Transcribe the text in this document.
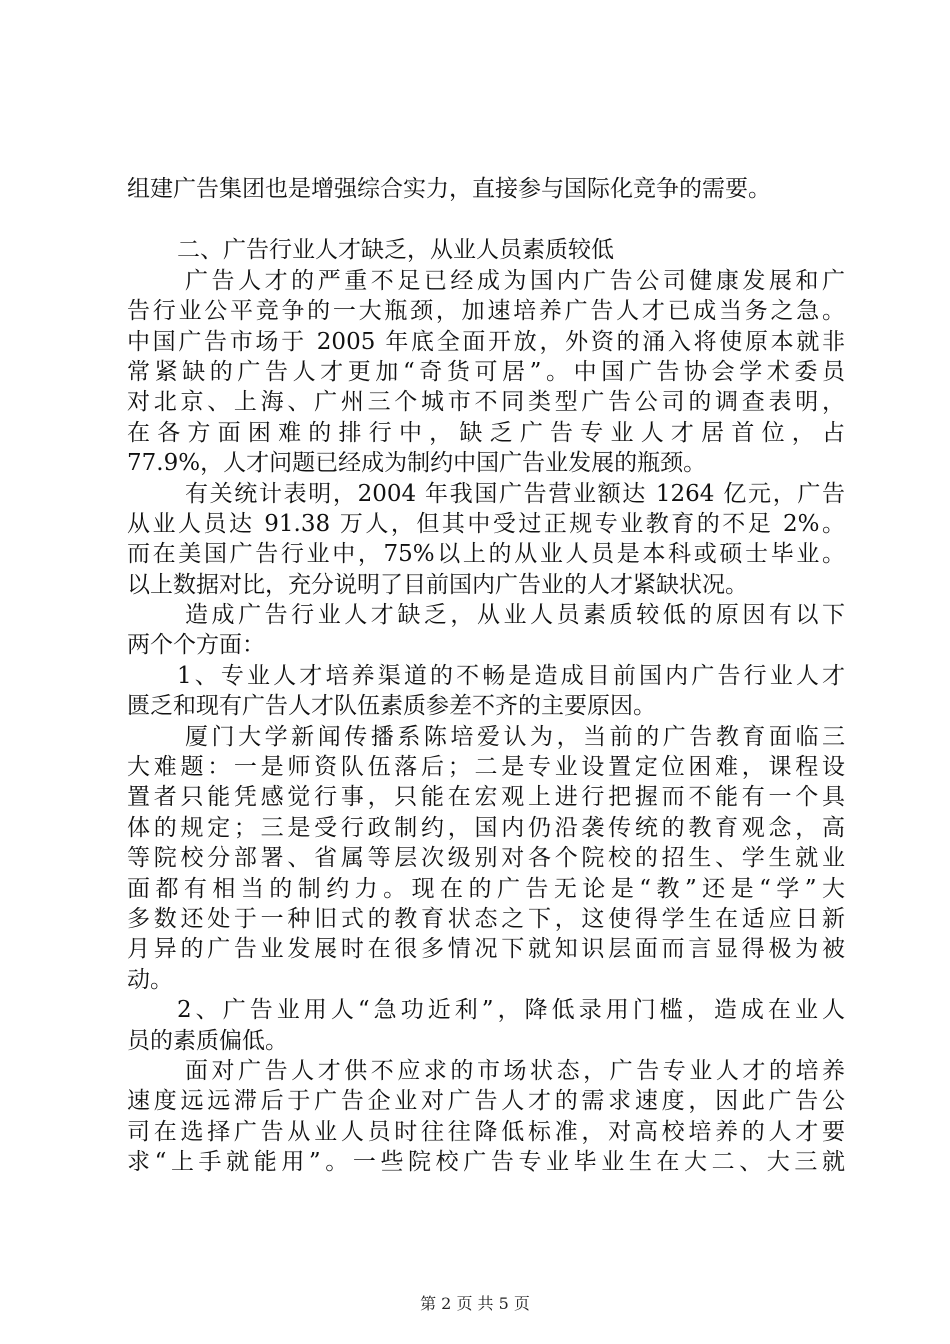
组建广告集团也是增强综合实力，直接参与国际化竞争的需要。
二、广告行业人才缺乏，从业人员素质较低
广告人才的严重不足已经成为国内广告公司健康发展和广
告行业公平竞争的一大瓶颈，加速培养广告人才已成当务之急。
中国广告市场于 2005 年底全面开放，外资的涌入将使原本就非
常紧缺的广告人才更加“奇货可居”。中国广告协会学术委员
对北京、上海、广州三个城市不同类型广告公司的调查表明，
在各方面困难的排行中，缺乏广告专业人才居首位，占
77.9%，人才问题已经成为制约中国广告业发展的瓶颈。
有关统计表明，2004 年我国广告营业额达 1264 亿元，广告
从业人员达 91.38 万人，但其中受过正规专业教育的不足 2%。
而在美国广告行业中，75%以上的从业人员是本科或硕士毕业。
以上数据对比，充分说明了目前国内广告业的人才紧缺状况。
造成广告行业人才缺乏，从业人员素质较低的原因有以下
两个个方面：
1、专业人才培养渠道的不畅是造成目前国内广告行业人才
匮乏和现有广告人才队伍素质参差不齐的主要原因。
厦门大学新闻传播系陈培爱认为，当前的广告教育面临三
大难题：一是师资队伍落后；二是专业设置定位困难，课程设
置者只能凭感觉行事，只能在宏观上进行把握而不能有一个具
体的规定；三是受行政制约，国内仍沿袭传统的教育观念，高
等院校分部署、省属等层次级别对各个院校的招生、学生就业
面都有相当的制约力。现在的广告无论是“教”还是“学”大
多数还处于一种旧式的教育状态之下，这使得学生在适应日新
月异的广告业发展时在很多情况下就知识层面而言显得极为被
动。
2、广告业用人“急功近利”，降低录用门槛，造成在业人
员的素质偏低。
面对广告人才供不应求的市场状态，广告专业人才的培养
速度远远滞后于广告企业对广告人才的需求速度，因此广告公
司在选择广告从业人员时往往降低标准，对高校培养的人才要
求“上手就能用”。一些院校广告专业毕业生在大二、大三就
第 2 页 共 5 页
